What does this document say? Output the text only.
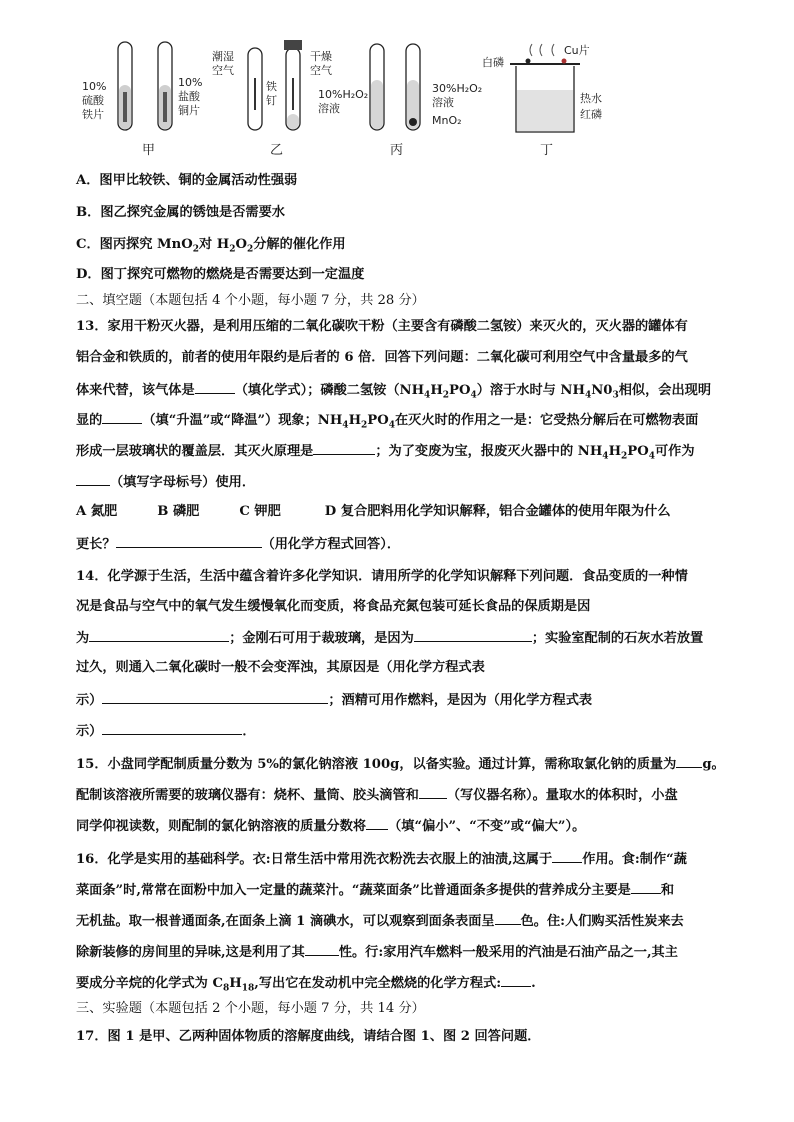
10%
硫酸
铁片
10%
盐酸
铜片
甲
潮湿
空气
铁
钉
干燥
空气
乙
10%H₂O₂
溶液
30%H₂O₂
溶液
MnO₂
丙
白磷
Cu片
热水
红磷
丁
A．图甲比较铁、铜的金属活动性强弱
B．图乙探究金属的锈蚀是否需要水
C．图丙探究 MnO$_2$对 $H_2O_2$分解的催化作用
D．图丁探究可燃物的燃烧是否需要达到一定温度
二、填空题（本题包括 4 个小题，每小题 7 分，共 28 分）
13．家用干粉灭火器，是利用压缩的二氧化碳吹干粉（主要含有磷酸二氢铵）来灭火的，灭火器的罐体有
铝合金和铁质的，前者的使用年限约是后者的 6 倍．回答下列问题：二氧化碳可利用空气中含量最多的气
体来代替，该气体是	（填化学式）；磷酸二氢铵$(NH_4H_2PO_4)$溶于水时与 $NH_4N0_3$相似，会出现明
显的	（填“升温”或“降温”）现象；$NH_4H_2PO_4$在灭火时的作用之一是：它受热分解后在可燃物表面
形成一层玻璃状的覆盖层．其灭火原理是	；为了变废为宝，报废灭火器中的 $NH_4H_2PO_4$可作为
（填写字母标号）使用．
A 氮肥	B 磷肥	C 钾肥	D 复合肥料用化学知识解释，铝合金罐体的使用年限为什么
更长？	（用化学方程式回答）．
14．化学源于生活，生活中蕴含着许多化学知识．请用所学的化学知识解释下列问题．食品变质的一种情
况是食品与空气中的氧气发生缓慢氧化而变质，将食品充氮包装可延长食品的保质期是因
为	；金刚石可用于裁玻璃，是因为	；实验室配制的石灰水若放置
过久，则通入二氧化碳时一般不会变浑浊，其原因是（用化学方程式表
示）	；酒精可用作燃料，是因为（用化学方程式表
示）	．
15．小盘同学配制质量分数为 5%的氯化钠溶液 100g，以备实验。通过计算，需称取氯化钠的质量为 g。
配制该溶液所需要的玻璃仪器有：烧杯、量筒、胶头滴管和 （写仪器名称）。量取水的体积时，小盘
同学仰视读数，则配制的氯化钠溶液的质量分数将 （填“偏小”、“不变”或“偏大”）。
16．化学是实用的基础科学。衣:日常生活中常用洗衣粉洗去衣服上的油渍,这属于 作用。食:制作“蔬
菜面条”时,常常在面粉中加入一定量的蔬菜汁。“蔬菜面条”比普通面条多提供的营养成分主要是 和
无机盐。取一根普通面条,在面条上滴 1 滴碘水，可以观察到面条表面呈 色。住:人们购买活性炭来去
除新装修的房间里的异味,这是利用了其	性。行:家用汽车燃料一般采用的汽油是石油产品之一,其主
要成分辛烷的化学式为 $C_8H_{18}$,写出它在发动机中完全燃烧的化学方程式: .
三、实验题（本题包括 2 个小题，每小题 7 分，共 14 分）
17．图 1 是甲、乙两种固体物质的溶解度曲线，请结合图 1、图 2 回答问题．
